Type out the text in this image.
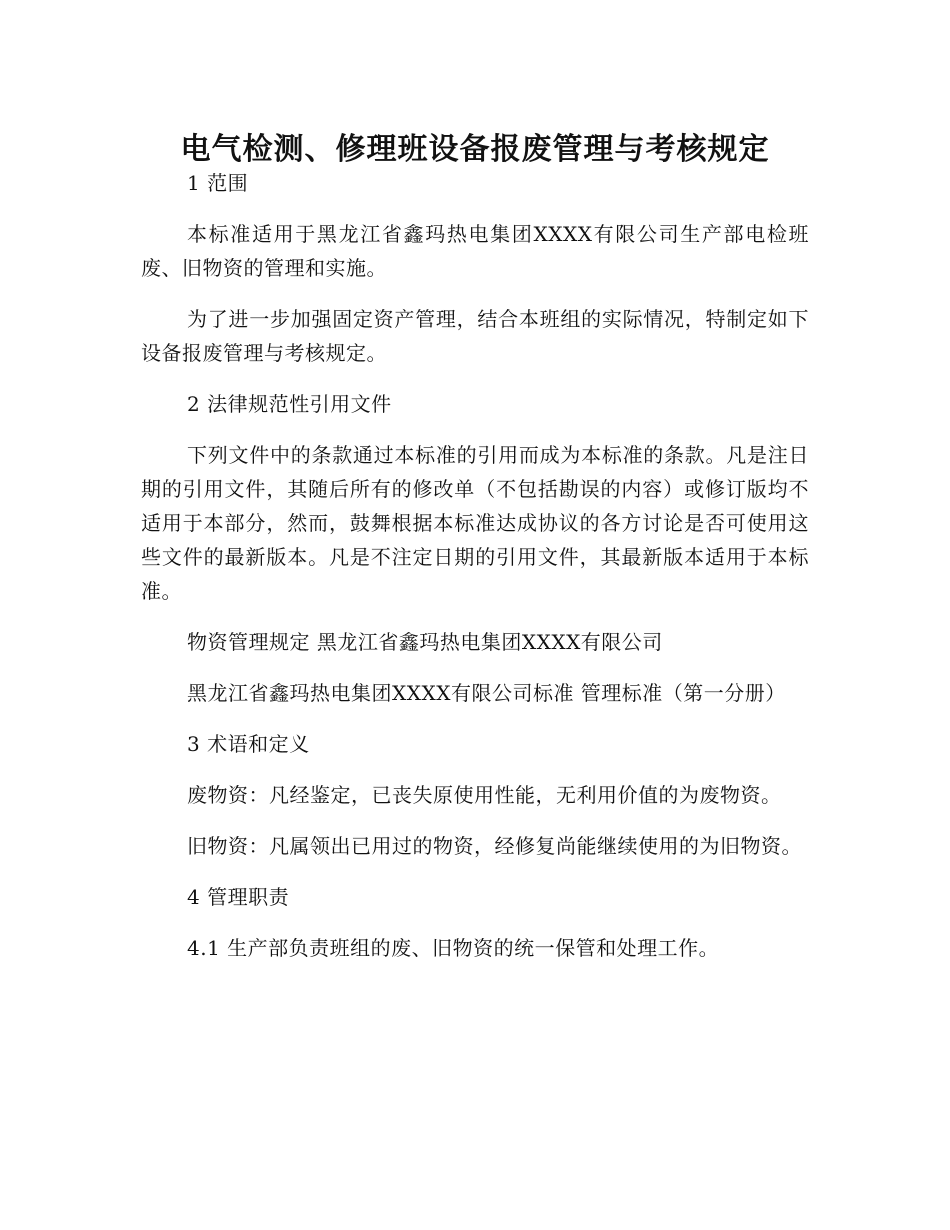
电气检测、修理班设备报废管理与考核规定

1 范围

本标准适用于黑龙江省鑫玛热电集团XXXX有限公司生产部电检班废、旧物资的管理和实施。

为了进一步加强固定资产管理，结合本班组的实际情况，特制定如下设备报废管理与考核规定。

2 法律规范性引用文件

下列文件中的条款通过本标准的引用而成为本标准的条款。凡是注日期的引用文件，其随后所有的修改单（不包括勘误的内容）或修订版均不适用于本部分，然而，鼓舞根据本标准达成协议的各方讨论是否可使用这些文件的最新版本。凡是不注定日期的引用文件，其最新版本适用于本标准。

物资管理规定 黑龙江省鑫玛热电集团XXXX有限公司

黑龙江省鑫玛热电集团XXXX有限公司标准 管理标准（第一分册）

3 术语和定义

废物资：凡经鉴定，已丧失原使用性能，无利用价值的为废物资。

旧物资：凡属领出已用过的物资，经修复尚能继续使用的为旧物资。

4 管理职责

4.1 生产部负责班组的废、旧物资的统一保管和处理工作。
